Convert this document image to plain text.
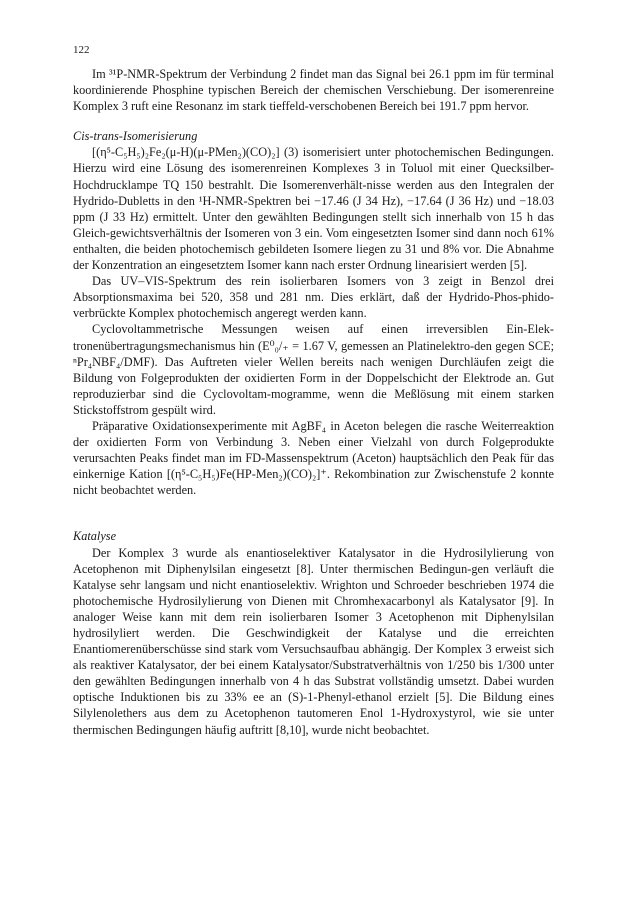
122

Im ³¹P-NMR-Spektrum der Verbindung 2 findet man das Signal bei 26.1 ppm im für terminal koordinierende Phosphine typischen Bereich der chemischen Verschiebung. Der isomerenreine Komplex 3 ruft eine Resonanz im stark tieffeld-verschobenen Bereich bei 191.7 ppm hervor.

Cis-trans-Isomerisierung

[(η⁵-C₅H₅)₂Fe₂(μ-H)(μ-PMen₂)(CO)₂] (3) isomerisiert unter photochemischen Bedingungen. Hierzu wird eine Lösung des isomerenreinen Komplexes 3 in Toluol mit einer Quecksilber-Hochdrucklampe TQ 150 bestrahlt. Die Isomerenverhält-nisse werden aus den Integralen der Hydrido-Dubletts in den ¹H-NMR-Spektren bei −17.46 (J 34 Hz), −17.64 (J 36 Hz) und −18.03 ppm (J 33 Hz) ermittelt. Unter den gewählten Bedingungen stellt sich innerhalb von 15 h das Gleich-gewichtsverhältnis der Isomeren von 3 ein. Vom eingesetzten Isomer sind dann noch 61% enthalten, die beiden photochemisch gebildeten Isomere liegen zu 31 und 8% vor. Die Abnahme der Konzentration an eingesetztem Isomer kann nach erster Ordnung linearisiert werden [5].

Das UV–VIS-Spektrum des rein isolierbaren Isomers von 3 zeigt in Benzol drei Absorptionsmaxima bei 520, 358 und 281 nm. Dies erklärt, daß der Hydrido-Phos-phido-verbrückte Komplex photochemisch angeregt werden kann.

Cyclovoltammetrische Messungen weisen auf einen irreversiblen Ein-Elek-tronenübertragungsmechanismus hin (E⁰₀/₊ = 1.67 V, gemessen an Platinelektro-den gegen SCE; ⁿPr₄NBF₄/DMF). Das Auftreten vieler Wellen bereits nach wenigen Durchläufen zeigt die Bildung von Folgeprodukten der oxidierten Form in der Doppelschicht der Elektrode an. Gut reproduzierbar sind die Cyclovoltam-mogramme, wenn die Meßlösung mit einem starken Stickstoffstrom gespült wird.

Präparative Oxidationsexperimente mit AgBF₄ in Aceton belegen die rasche Weiterreaktion der oxidierten Form von Verbindung 3. Neben einer Vielzahl von durch Folgeprodukte verursachten Peaks findet man im FD-Massenspektrum (Aceton) hauptsächlich den Peak für das einkernige Kation [(η⁵-C₅H₅)Fe(HP-Men₂)(CO)₂]⁺. Rekombination zur Zwischenstufe 2 konnte nicht beobachtet werden.

Katalyse

Der Komplex 3 wurde als enantioselektiver Katalysator in die Hydrosilylierung von Acetophenon mit Diphenylsilan eingesetzt [8]. Unter thermischen Bedingun-gen verläuft die Katalyse sehr langsam und nicht enantioselektiv. Wrighton und Schroeder beschrieben 1974 die photochemische Hydrosilylierung von Dienen mit Chromhexacarbonyl als Katalysator [9]. In analoger Weise kann mit dem rein isolierbaren Isomer 3 Acetophenon mit Diphenylsilan hydrosilyliert werden. Die Geschwindigkeit der Katalyse und die erreichten Enantiomerenüberschüsse sind stark vom Versuchsaufbau abhängig. Der Komplex 3 erweist sich als reaktiver Katalysator, der bei einem Katalysator/Substratverhältnis von 1/250 bis 1/300 unter den gewählten Bedingungen innerhalb von 4 h das Substrat vollständig umsetzt. Dabei wurden optische Induktionen bis zu 33% ee an (S)-1-Phenyl-ethanol erzielt [5]. Die Bildung eines Silylenolethers aus dem zu Acetophenon tautomeren Enol 1-Hydroxystyrol, wie sie unter thermischen Bedingungen häufig auftritt [8,10], wurde nicht beobachtet.
